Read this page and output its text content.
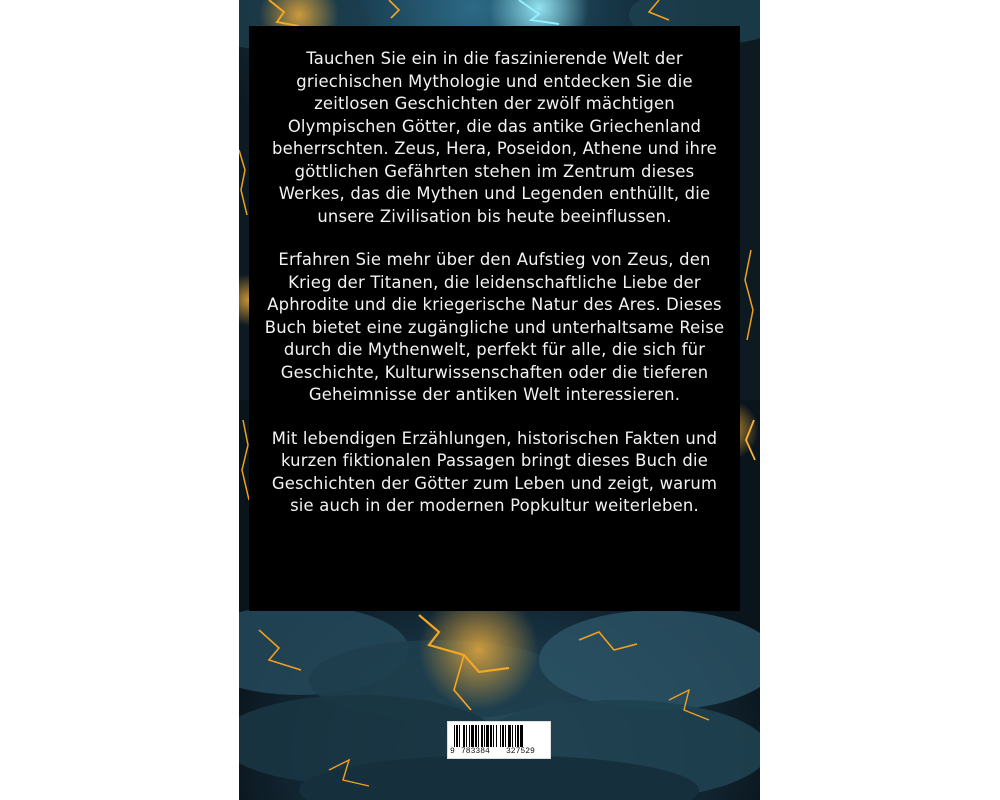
Tauchen Sie ein in die faszinierende Welt der griechischen Mythologie und entdecken Sie die zeitlosen Geschichten der zwölf mächtigen Olympischen Götter, die das antike Griechenland beherrschten. Zeus, Hera, Poseidon, Athene und ihre göttlichen Gefährten stehen im Zentrum dieses Werkes, das die Mythen und Legenden enthüllt, die unsere Zivilisation bis heute beeinflussen.

Erfahren Sie mehr über den Aufstieg von Zeus, den Krieg der Titanen, die leidenschaftliche Liebe der Aphrodite und die kriegerische Natur des Ares. Dieses Buch bietet eine zugängliche und unterhaltsame Reise durch die Mythenwelt, perfekt für alle, die sich für Geschichte, Kulturwissenschaften oder die tieferen Geheimnisse der antiken Welt interessieren.

Mit lebendigen Erzählungen, historischen Fakten und kurzen fiktionalen Passagen bringt dieses Buch die Geschichten der Götter zum Leben und zeigt, warum sie auch in der modernen Popkultur weiterleben.

9 783384 327529
